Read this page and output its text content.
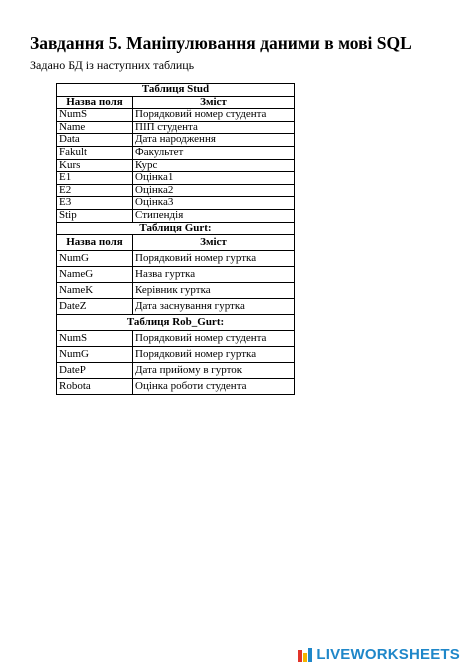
Завдання 5. Маніпулювання даними в мові SQL
Задано БД із наступних таблиць
Таблиця Stud	
Назва поля	Зміст
NumS	Порядковий номер студента
Name	ПІП студента
Data	Дата народження
Fakult	Факультет
Kurs	Курс
E1	Оцінка1
E2	Оцінка2
E3	Оцінка3
Stip	Стипендія
Таблиця Gurt:	
Назва поля	Зміст
NumG	Порядковий номер гуртка
NameG	Назва гуртка
NameK	Керівник гуртка
DateZ	Дата заснування гуртка
Таблиця Rob_Gurt:	
NumS	Порядковий номер студента
NumG	Порядковий номер гуртка
DateP	Дата прийому в гурток
Robota	Оцінка роботи студента
LIVE WORKSHEETS
